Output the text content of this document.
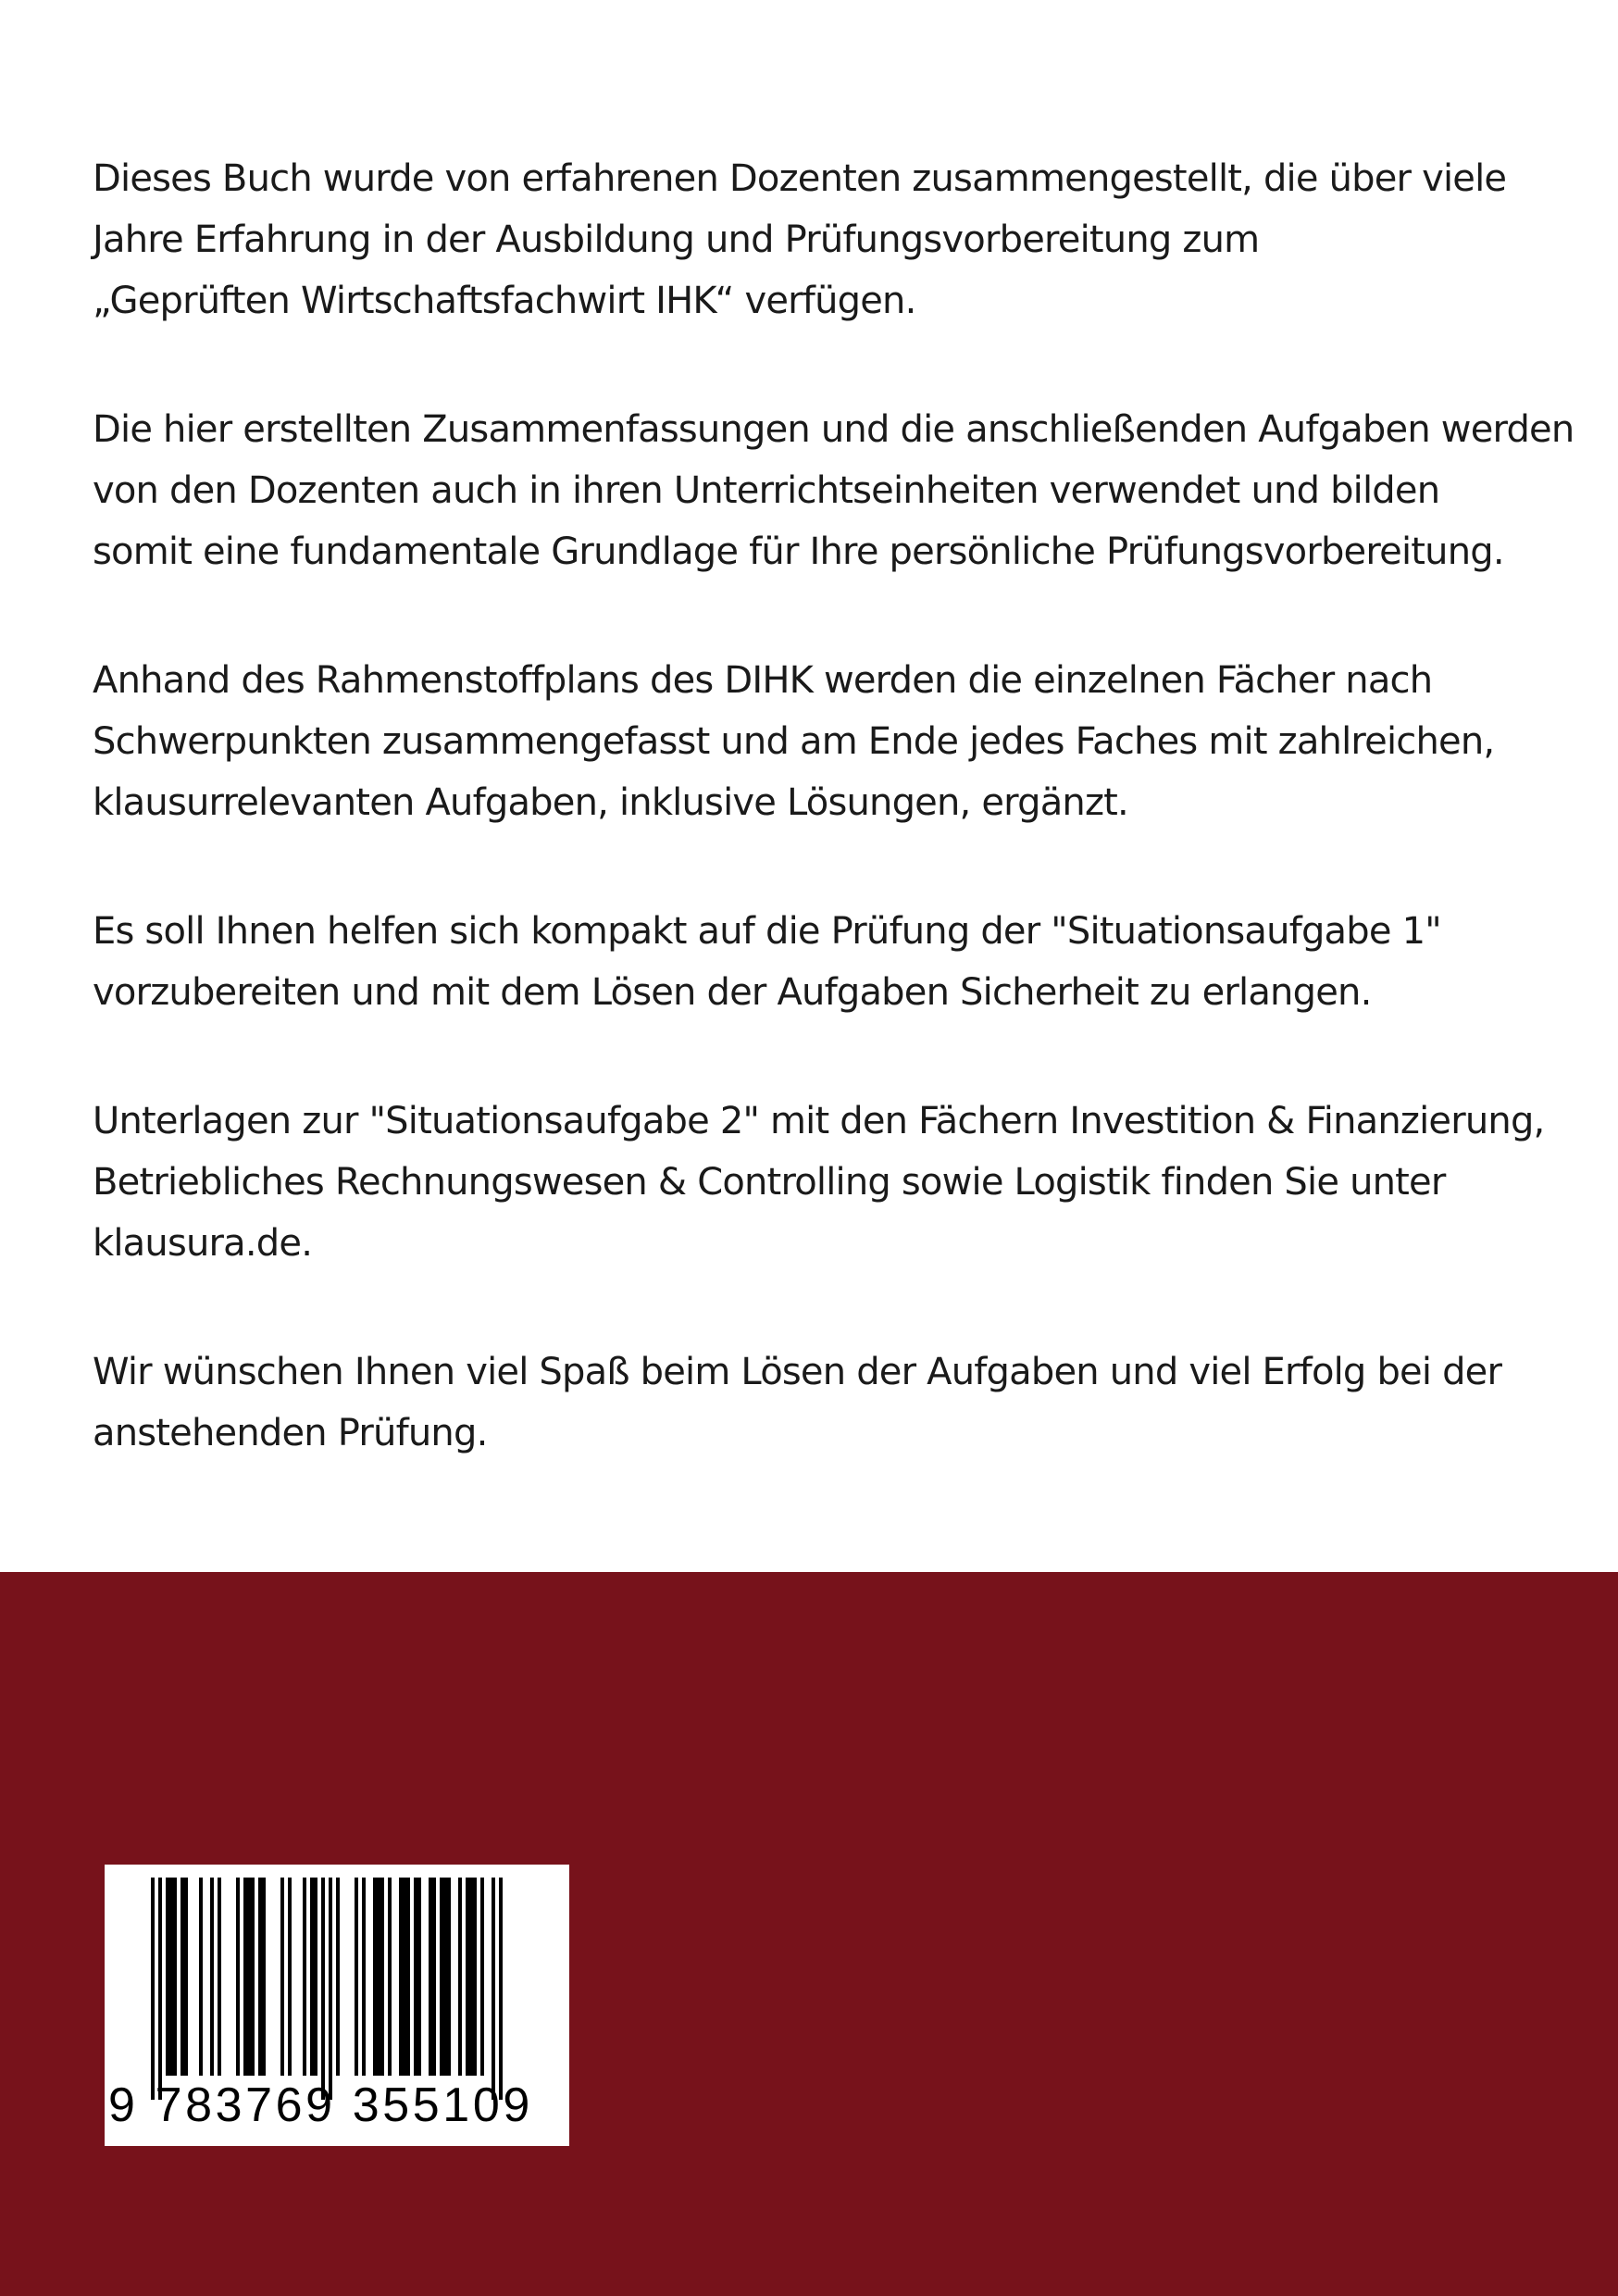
Dieses Buch wurde von erfahrenen Dozenten zusammengestellt, die über viele
Jahre Erfahrung in der Ausbildung und Prüfungsvorbereitung zum
„Geprüften Wirtschaftsfachwirt IHK“ verfügen.

Die hier erstellten Zusammenfassungen und die anschließenden Aufgaben werden
von den Dozenten auch in ihren Unterrichtseinheiten verwendet und bilden
somit eine fundamentale Grundlage für Ihre persönliche Prüfungsvorbereitung.

Anhand des Rahmenstoffplans des DIHK werden die einzelnen Fächer nach
Schwerpunkten zusammengefasst und am Ende jedes Faches mit zahlreichen,
klausurrelevanten Aufgaben, inklusive Lösungen, ergänzt.

Es soll Ihnen helfen sich kompakt auf die Prüfung der "Situationsaufgabe 1"
vorzubereiten und mit dem Lösen der Aufgaben Sicherheit zu erlangen.

Unterlagen zur "Situationsaufgabe 2" mit den Fächern Investition & Finanzierung,
Betriebliches Rechnungswesen & Controlling sowie Logistik finden Sie unter
klausura.de.

Wir wünschen Ihnen viel Spaß beim Lösen der Aufgaben und viel Erfolg bei der
anstehenden Prüfung.

9 783769 355109
